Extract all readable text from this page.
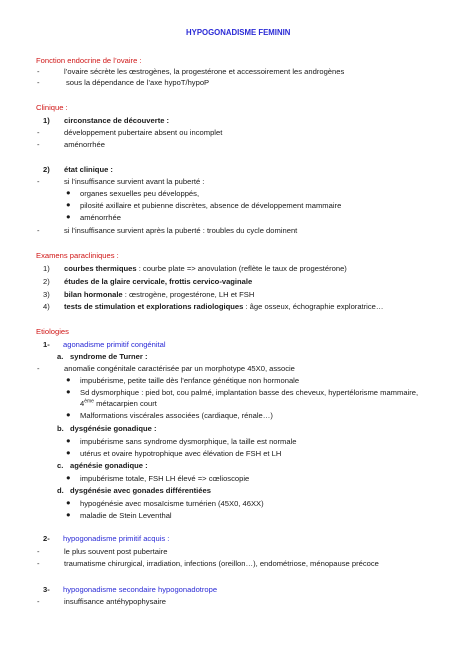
HYPOGONADISME FEMININ
Fonction endocrine de l’ovaire :
-	l’ovaire sécrète les œstrogènes, la progestérone et accessoirement les androgènes
-	sous la dépendance de l’axe hypoT/hypoP
Clinique :
1) circonstance de découverte :
-	développement pubertaire absent ou incomplet
-	aménorrhée
2) état clinique :
-	si l’insuffisance survient avant la puberté :
● organes sexuelles peu développés,
● pilosité axillaire et pubienne discrètes, absence de développement mammaire
● aménorrhée
-	si l’insuffisance survient après la puberté : troubles du cycle dominent
Examens paracliniques :
1) courbes thermiques : courbe plate => anovulation (reflète le taux de progestérone)
2) études de la glaire cervicale, frottis cervico-vaginale
3) bilan hormonale : œstrogène, progestérone, LH et FSH
4) tests de stimulation et explorations radiologiques : âge osseux, échographie exploratrice…
Etiologies
1- agonadisme primitif congénital
a. syndrome de Turner :
-	anomalie congénitale caractérisée par un morphotype 45X0, associe
● impubérisme, petite taille dès l’enfance génétique non hormonale
● Sd dysmorphique : pied bot, cou palmé, implantation basse des cheveux, hypertélorisme mammaire,
4ème métacarpien court
● Malformations viscérales associées (cardiaque, rénale…)
b. dysgénésie gonadique :
● impubérisme sans syndrome dysmorphique, la taille est normale
● utérus et ovaire hypotrophique avec élévation de FSH et LH
c. agénésie gonadique :
● impubérisme totale, FSH LH élevé => cœlioscopie
d. dysgénésie avec gonades différentiées
● hypogénésie avec mosaïcisme turnérien (45X0, 46XX)
● maladie de Stein Leventhal
2- hypogonadisme primitif acquis :
-	le plus souvent post pubertaire
-	traumatisme chirurgical, irradiation, infections (oreillon…), endométriose, ménopause précoce
3- hypogonadisme secondaire hypogonadotrope
-	insuffisance antéhypophysaire
